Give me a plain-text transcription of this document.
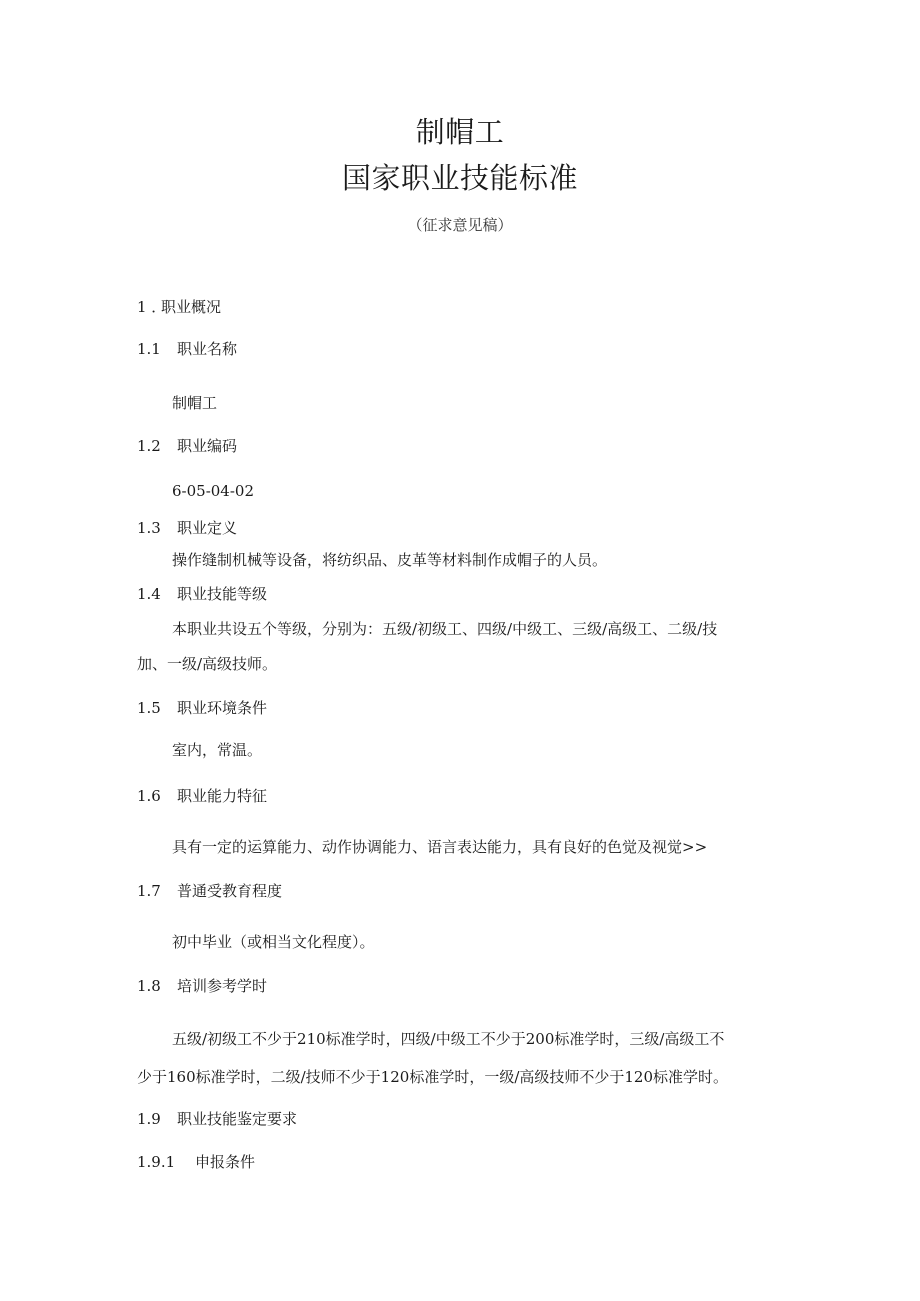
制帽工
国家职业技能标准
（征求意见稿）
1 ．职业概况
1.1 职业名称
制帽工
1.2 职业编码
6-05-04-02
1.3 职业定义
操作缝制机械等设备，将纺织品、皮革等材料制作成帽子的人员。
1.4 职业技能等级
本职业共设五个等级，分别为：五级/初级工、四级/中级工、三级/高级工、二级/技
加、一级/高级技师。
1.5 职业环境条件
室内，常温。
1.6 职业能力特征
具有一定的运算能力、动作协调能力、语言表达能力，具有良好的色觉及视觉>>
1.7 普通受教育程度
初中毕业（或相当文化程度）。
1.8 培训参考学时
五级/初级工不少于210标准学时，四级/中级工不少于200标准学时，三级/高级工不
少于160标准学时，二级/技师不少于120标准学时，一级/高级技师不少于120标准学时。
1.9 职业技能鉴定要求
1.9.1 申报条件
